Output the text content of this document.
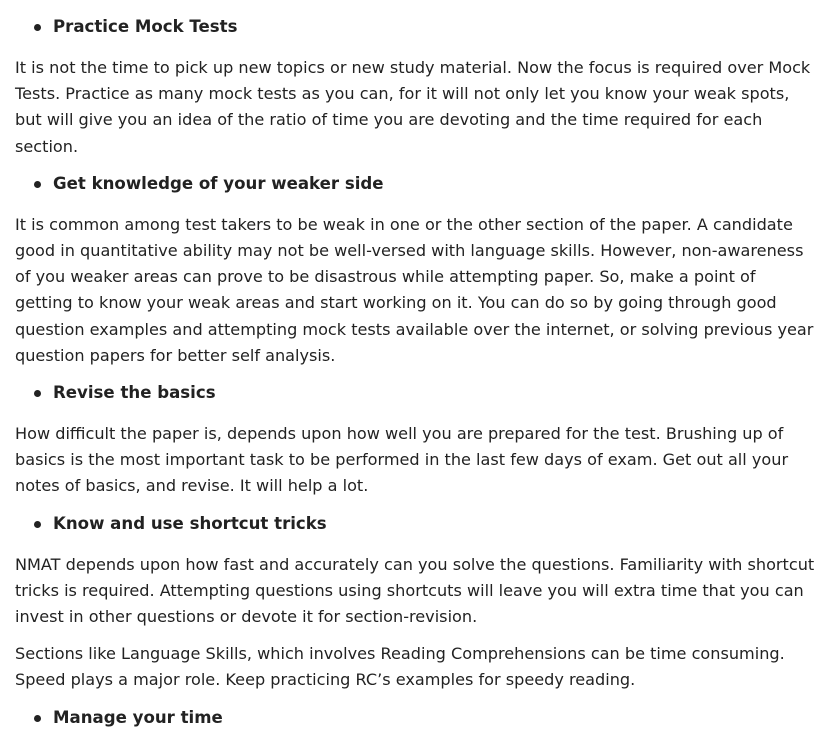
Practice Mock Tests

It is not the time to pick up new topics or new study material. Now the focus is required over Mock Tests. Practice as many mock tests as you can, for it will not only let you know your weak spots, but will give you an idea of the ratio of time you are devoting and the time required for each section.

Get knowledge of your weaker side

It is common among test takers to be weak in one or the other section of the paper. A candidate good in quantitative ability may not be well-versed with language skills. However, non-awareness of you weaker areas can prove to be disastrous while attempting paper. So, make a point of getting to know your weak areas and start working on it. You can do so by going through good question examples and attempting mock tests available over the internet, or solving previous year question papers for better self analysis.

Revise the basics

How difficult the paper is, depends upon how well you are prepared for the test. Brushing up of basics is the most important task to be performed in the last few days of exam. Get out all your notes of basics, and revise. It will help a lot.

Know and use shortcut tricks

NMAT depends upon how fast and accurately can you solve the questions. Familiarity with shortcut tricks is required. Attempting questions using shortcuts will leave you will extra time that you can invest in other questions or devote it for section-revision.

Sections like Language Skills, which involves Reading Comprehensions can be time consuming. Speed plays a major role. Keep practicing RC’s examples for speedy reading.

Manage your time
